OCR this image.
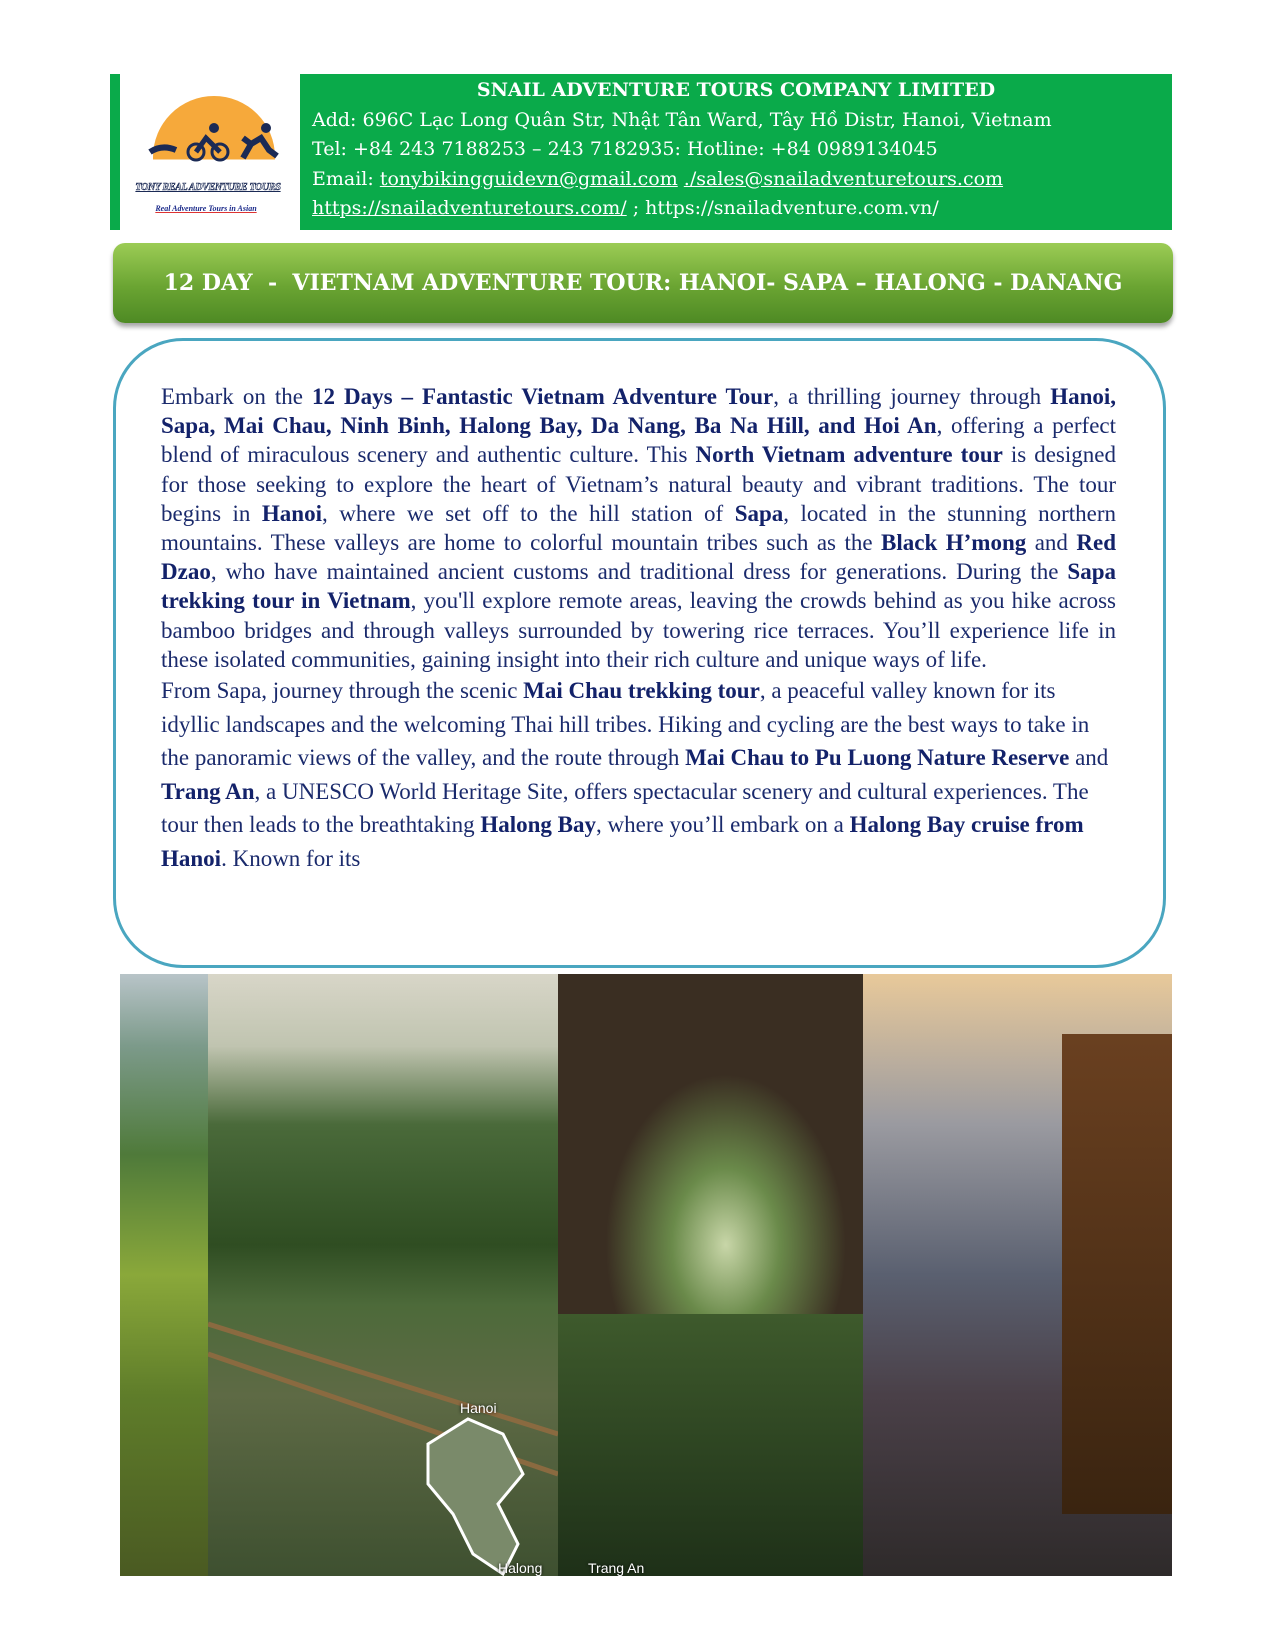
TONY REAL ADVENTURE TOURS
Real Adventure Tours in Asian
SNAIL ADVENTURE TOURS COMPANY LIMITED
Add: 696C Lạc Long Quân Str, Nhật Tân Ward, Tây Hồ Distr, Hanoi, Vietnam
Tel: +84 243 7188253 – 243 7182935: Hotline: +84 0989134045
Email: tonybikingguidevn@gmail.com ./sales@snailadventuretours.com
https://snailadventuretours.com/ ; https://snailadventure.com.vn/
12 DAY  -  VIETNAM ADVENTURE TOUR: HANOI- SAPA – HALONG - DANANG
Embark on the 12 Days – Fantastic Vietnam Adventure Tour, a thrilling journey through Hanoi, Sapa, Mai Chau, Ninh Binh, Halong Bay, Da Nang, Ba Na Hill, and Hoi An, offering a perfect blend of miraculous scenery and authentic culture. This North Vietnam adventure tour is designed for those seeking to explore the heart of Vietnam’s natural beauty and vibrant traditions. The tour begins in Hanoi, where we set off to the hill station of Sapa, located in the stunning northern mountains. These valleys are home to colorful mountain tribes such as the Black H’mong and Red Dzao, who have maintained ancient customs and traditional dress for generations. During the Sapa trekking tour in Vietnam, you'll explore remote areas, leaving the crowds behind as you hike across bamboo bridges and through valleys surrounded by towering rice terraces. You’ll experience life in these isolated communities, gaining insight into their rich culture and unique ways of life.
From Sapa, journey through the scenic Mai Chau trekking tour, a peaceful valley known for its idyllic landscapes and the welcoming Thai hill tribes. Hiking and cycling are the best ways to take in the panoramic views of the valley, and the route through Mai Chau to Pu Luong Nature Reserve and Trang An, a UNESCO World Heritage Site, offers spectacular scenery and cultural experiences. The tour then leads to the breathtaking Halong Bay, where you’ll embark on a Halong Bay cruise from Hanoi. Known for its
Hanoi
Halong	Trang An
